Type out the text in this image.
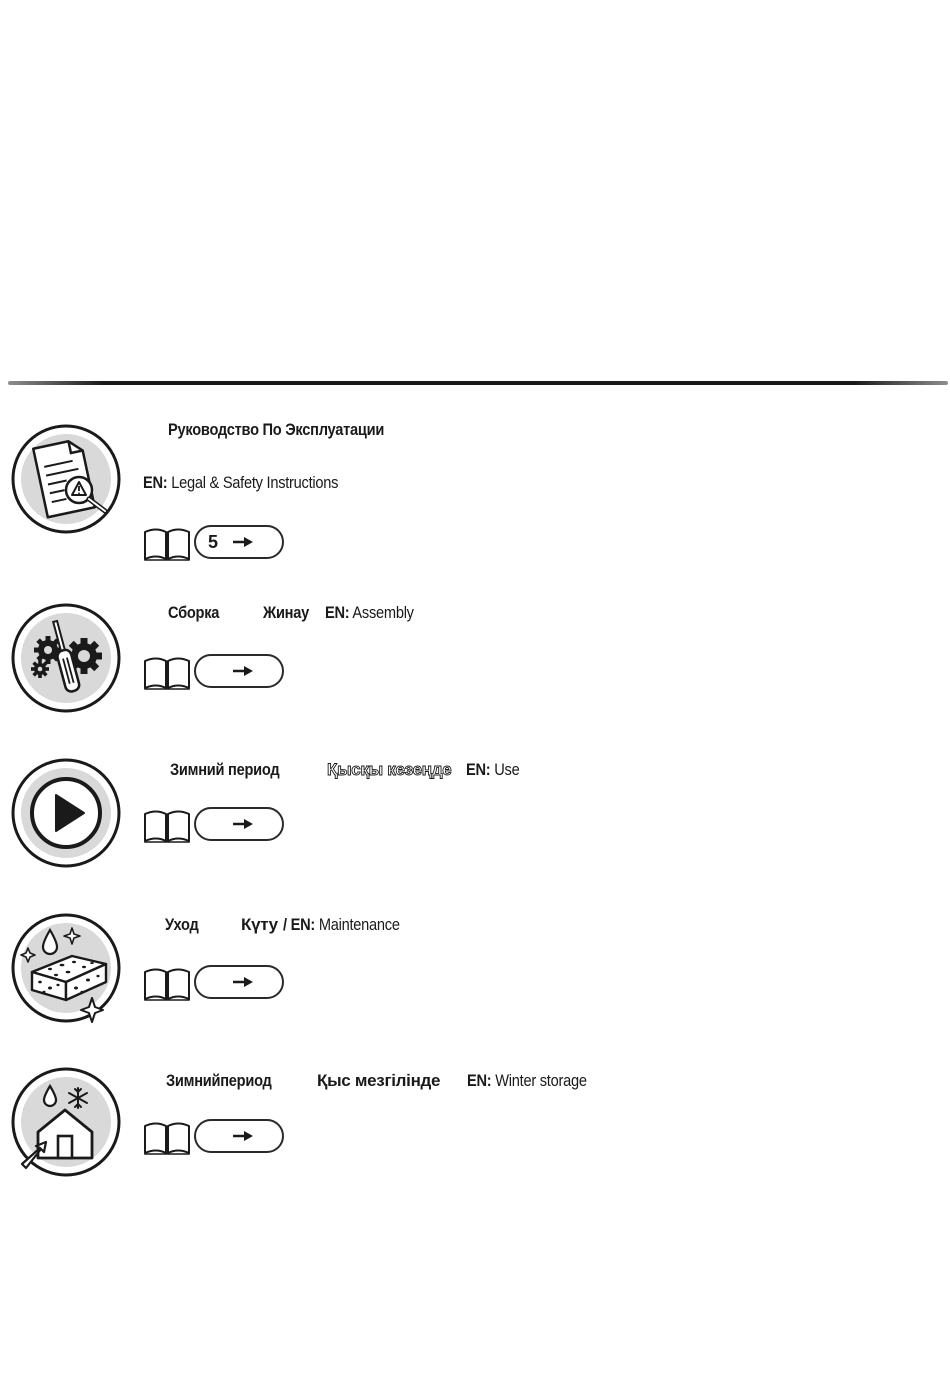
Руководство По Эксплуатации
EN: Legal & Safety Instructions
5
Сборка	Жинау EN: Assembly
Зимний период	Қысқы кезеңде EN: Use
Уход	Күту / EN: Maintenance
Зимнийпериод	Қыс мезгілінде EN: Winter storage
